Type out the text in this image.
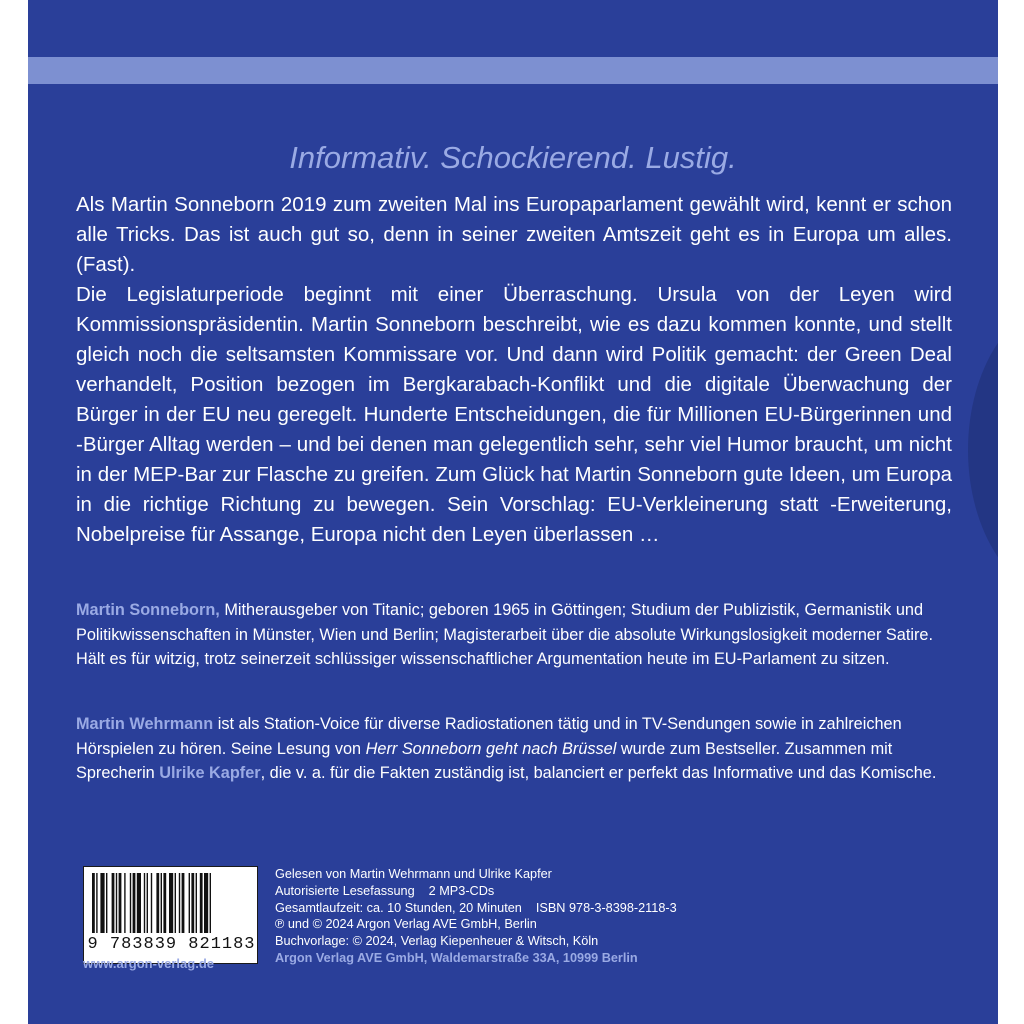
Informativ. Schockierend. Lustig.

Als Martin Sonneborn 2019 zum zweiten Mal ins Europaparlament gewählt wird, kennt er schon alle Tricks. Das ist auch gut so, denn in seiner zweiten Amtszeit geht es in Europa um alles. (Fast).

Die Legislaturperiode beginnt mit einer Überraschung. Ursula von der Leyen wird Kommissionspräsidentin. Martin Sonneborn beschreibt, wie es dazu kommen konnte, und stellt gleich noch die seltsamsten Kommissare vor. Und dann wird Politik gemacht: der Green Deal verhandelt, Position bezogen im Bergkarabach-Konflikt und die digitale Überwachung der Bürger in der EU neu geregelt. Hunderte Entscheidungen, die für Millionen EU-Bürgerinnen und -Bürger Alltag werden – und bei denen man gelegentlich sehr, sehr viel Humor braucht, um nicht in der MEP-Bar zur Flasche zu greifen. Zum Glück hat Martin Sonneborn gute Ideen, um Europa in die richtige Richtung zu bewegen. Sein Vorschlag: EU-Verkleinerung statt -Erweiterung, Nobelpreise für Assange, Europa nicht den Leyen überlassen …

Martin Sonneborn, Mitherausgeber von Titanic; geboren 1965 in Göttingen; Studium der Publizistik, Germanistik und Politikwissenschaften in Münster, Wien und Berlin; Magisterarbeit über die absolute Wirkungslosigkeit moderner Satire. Hält es für witzig, trotz seinerzeit schlüssiger wissenschaftlicher Argumentation heute im EU-Parlament zu sitzen.
Martin Wehrmann ist als Station-Voice für diverse Radiostationen tätig und in TV-Sendungen sowie in zahlreichen Hörspielen zu hören. Seine Lesung von Herr Sonneborn geht nach Brüssel wurde zum Bestseller. Zusammen mit Sprecherin Ulrike Kapfer, die v. a. für die Fakten zuständig ist, balanciert er perfekt das Informative und das Komische.
9 783839 821183
www.argon-verlag.de
Gelesen von Martin Wehrmann und Ulrike Kapfer
Autorisierte Lesefassung 2 MP3-CDs
Gesamtlaufzeit: ca. 10 Stunden, 20 Minuten ISBN 978-3-8398-2118-3
℗ und © 2024 Argon Verlag AVE GmbH, Berlin
Buchvorlage: © 2024, Verlag Kiepenheuer & Witsch, Köln
Argon Verlag AVE GmbH, Waldemarstraße 33A, 10999 Berlin
